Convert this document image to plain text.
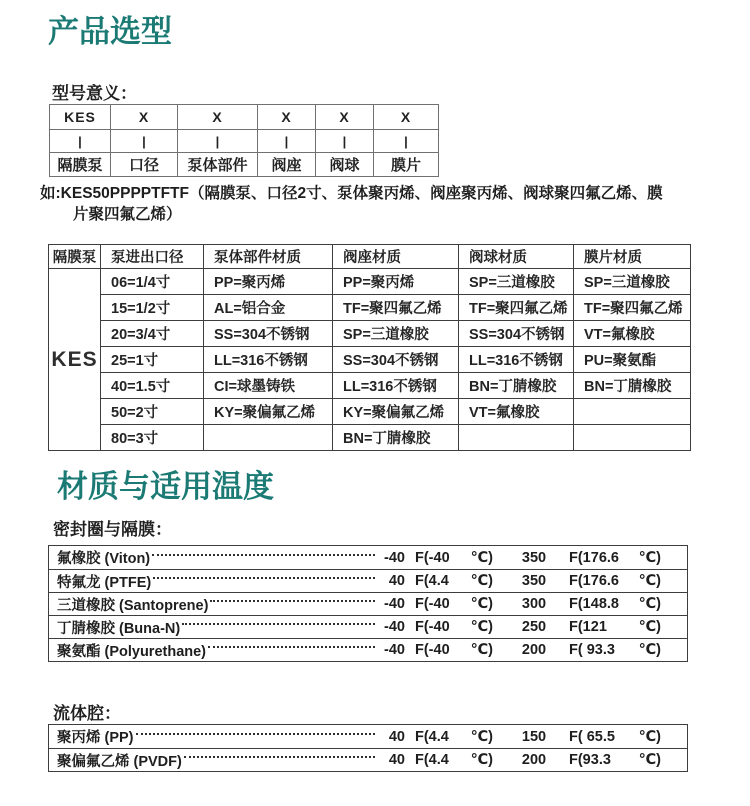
产品选型
型号意义：
KES	X	X	X	X	X
|	|	|	|	|	|
隔膜泵	口径	泵体部件	阀座	阀球	膜片
如:KES50PPPPTFTF（隔膜泵、口径2寸、泵体聚丙烯、阀座聚丙烯、阀球聚四氟乙烯、膜
片聚四氟乙烯）
隔膜泵	泵进出口径	泵体部件材质	阀座材质	阀球材质	膜片材质
KES	06=1/4寸	PP=聚丙烯	PP=聚丙烯	SP=三道橡胶	SP=三道橡胶
	15=1/2寸	AL=铝合金	TF=聚四氟乙烯	TF=聚四氟乙烯	TF=聚四氟乙烯
	20=3/4寸	SS=304不锈钢	SP=三道橡胶	SS=304不锈钢	VT=氟橡胶
	25=1寸	LL=316不锈钢	SS=304不锈钢	LL=316不锈钢	PU=聚氨酯
	40=1.5寸	CI=球墨铸铁	LL=316不锈钢	BN=丁腈橡胶	BN=丁腈橡胶
	50=2寸	KY=聚偏氟乙烯	KY=聚偏氟乙烯	VT=氟橡胶	
	80=3寸		BN=丁腈橡胶		
材质与适用温度
密封圈与隔膜：
氟橡胶 (Viton)	-40 F(-40 ℃)	350	F(176.6 ℃)
特氟龙 (PTFE)	40 F(4.4 ℃)	350	F(176.6 ℃)
三道橡胶 (Santoprene)	-40 F(-40 ℃)	300	F(148.8 ℃)
丁腈橡胶 (Buna-N)	-40 F(-40 ℃)	250	F(121 ℃)
聚氨酯 (Polyurethane)	-40 F(-40 ℃)	200	F( 93.3 ℃)
流体腔：
聚丙烯 (PP)	40 F(4.4 ℃)	150	F( 65.5 ℃)
聚偏氟乙烯 (PVDF)	40 F(4.4 ℃)	200	F(93.3 ℃)
